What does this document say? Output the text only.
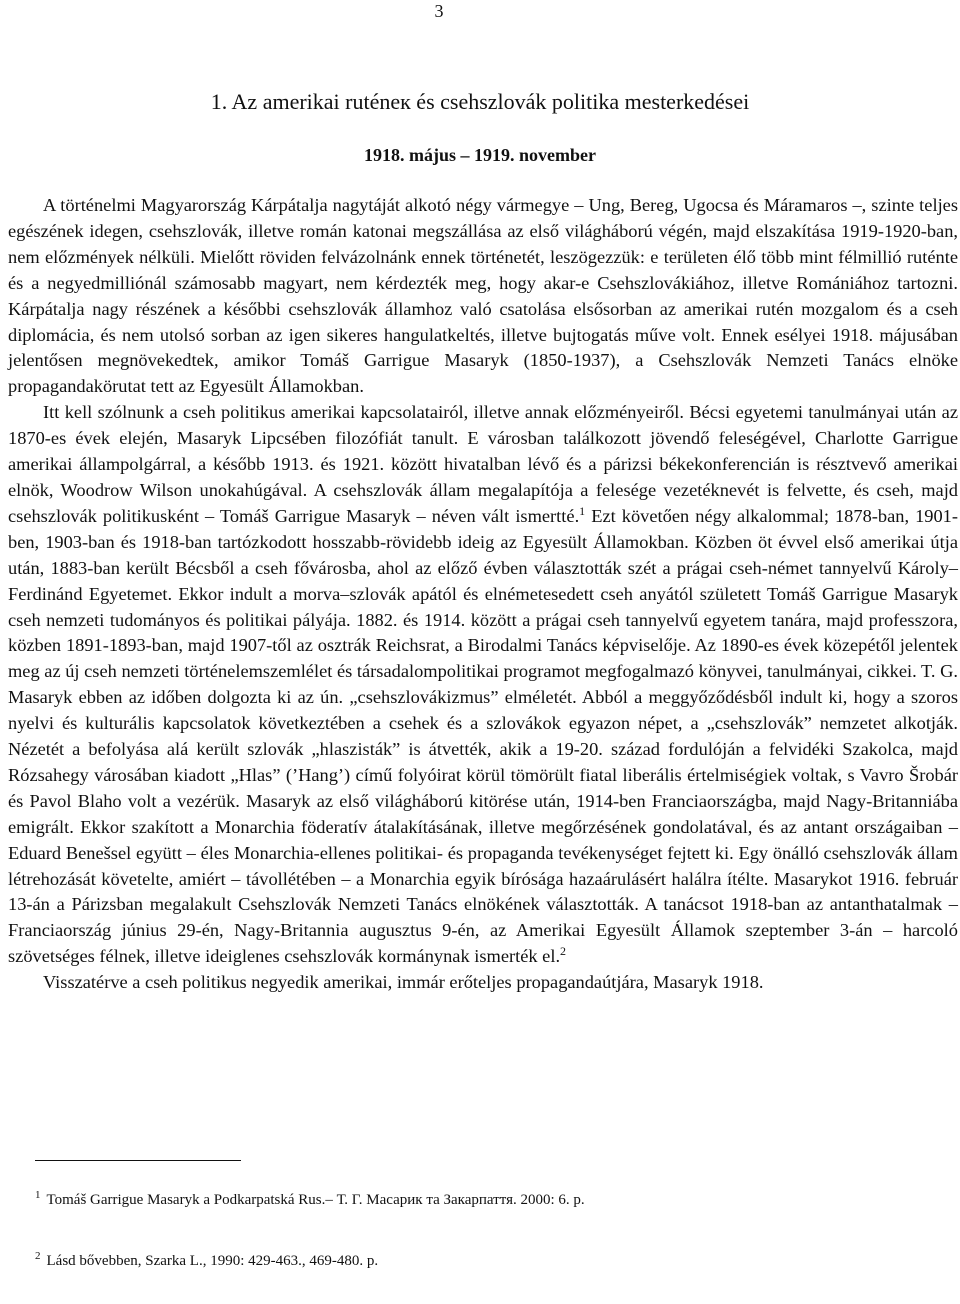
3
1. Az amerikai ruténeк és csehszlovák politika mesterkedései
1918. május – 1919. november

A történelmi Magyarország Kárpátalja nagytáját alkotó négy vármegye – Ung, Bereg, Ugocsa és Máramaros –, szinte teljes egészének idegen, csehszlovák, illetve román katonai megszállása az első világháború végén, majd elszakítása 1919-1920-ban, nem előzmények nélküli. Mielőtt röviden felvázolnánk ennek történetét, leszögezzük: e területen élő több mint félmillió ruténte és a negyedmilliónál számosabb magyart, nem kérdezték meg, hogy akar-e Csehszlovákiához, illetve Romániához tartozni. Kárpátalja nagy részének a későbbi csehszlovák államhoz való csatolása elsősorban az amerikai rutén mozgalom és a cseh diplomácia, és nem utolsó sorban az igen sikeres hangulatkeltés, illetve bujtogatás műve volt. Ennek esélyei 1918. májusában jelentősen megnövekedtek, amikor Tomáš Garrigue Masaryk (1850-1937), a Csehszlovák Nemzeti Tanács elnöke propagandakörutat tett az Egyesült Államokban.

Itt kell szólnunk a cseh politikus amerikai kapcsolatairól, illetve annak előzményeiről. Bécsi egyetemi tanulmányai után az 1870-es évek elején, Masaryk Lipcsében filozófiát tanult. E városban találkozott jövendő feleségével, Charlotte Garrigue amerikai állampolgárral, a később 1913. és 1921. között hivatalban lévő és a párizsi békekonferencián is résztvevő amerikai elnök, Woodrow Wilson unokahúgával. A csehszlovák állam megalapítója a felesége vezetéknevét is felvette, és cseh, majd csehszlovák politikusként – Tomáš Garrigue Masaryk – néven vált ismertté.$^1$ Ezt követően négy alkalommal; 1878-ban, 1901-ben, 1903-ban és 1918-ban tartózkodott hosszabb-rövidebb ideig az Egyesült Államokban. Közben öt évvel első amerikai útja után, 1883-ban került Bécsből a cseh fővárosba, ahol az előző évben választották szét a prágai cseh-német tannyelvű Károly–Ferdinánd Egyetemet. Ekkor indult a morva–szlovák apától és elnémetesedett cseh anyától született Tomáš Garrigue Masaryk cseh nemzeti tudományos és politikai pályája. 1882. és 1914. között a prágai cseh tannyelvű egyetem tanára, majd professzora, közben 1891-1893-ban, majd 1907-től az osztrák Reichsrat, a Birodalmi Tanács képviselője. Az 1890-es évek közepétől jelentek meg az új cseh nemzeti történelemszemlélet és társadalompolitikai programot megfogalmazó könyvei, tanulmányai, cikkei. T. G. Masaryk ebben az időben dolgozta ki az ún. „csehszlovákizmus” elméletét. Abból a meggyőződésből indult ki, hogy a szoros nyelvi és kulturális kapcsolatok következtében a csehek és a szlovákok egyazon népet, a „csehszlovák” nemzetet alkotják. Nézetét a befolyása alá került szlovák „hlaszisták” is átvették, akik a 19-20. század fordulóján a felvidéki Szakolca, majd Rózsahegy városában kiadott „Hlas” (’Hang’) című folyóirat körül tömörült fiatal liberális értelmiségiek voltak, s Vavro Šrobár és Pavol Blaho volt a vezérük. Masaryk az első világháború kitörése után, 1914-ben Franciaországba, majd Nagy-Britanniába emigrált. Ekkor szakított a Monarchia föderatív átalakításának, illetve megőrzésének gondolatával, és az antant országaiban – Eduard Benešsel együtt – éles Monarchia-ellenes politikai- és propaganda tevékenységet fejtett ki. Egy önálló csehszlovák állam létrehozását követelte, amiért – távollétében – a Monarchia egyik bírósága hazaárulásért halálra ítélte. Masarykot 1916. február 13-án a Párizsban megalakult Csehszlovák Nemzeti Tanács elnökének választották. A tanácsot 1918-ban az antanthatalmak – Franciaország június 29-én, Nagy-Britannia augusztus 9-én, az Amerikai Egyesült Államok szeptember 3-án – harcoló szövetséges félnek, illetve ideiglenes csehszlovák kormánynak ismerték el.$^2$

Visszatérve a cseh politikus negyedik amerikai, immár erőteljes propagandaútjára, Masaryk 1918.

$^1$ Tomáš Garrigue Masaryk a Podkarpatská Rus.– Т. Г. Масарик та Закарпаття. 2000: 6. p.

$^2$ Lásd bővebben, Szarka L., 1990: 429-463., 469-480. p.
